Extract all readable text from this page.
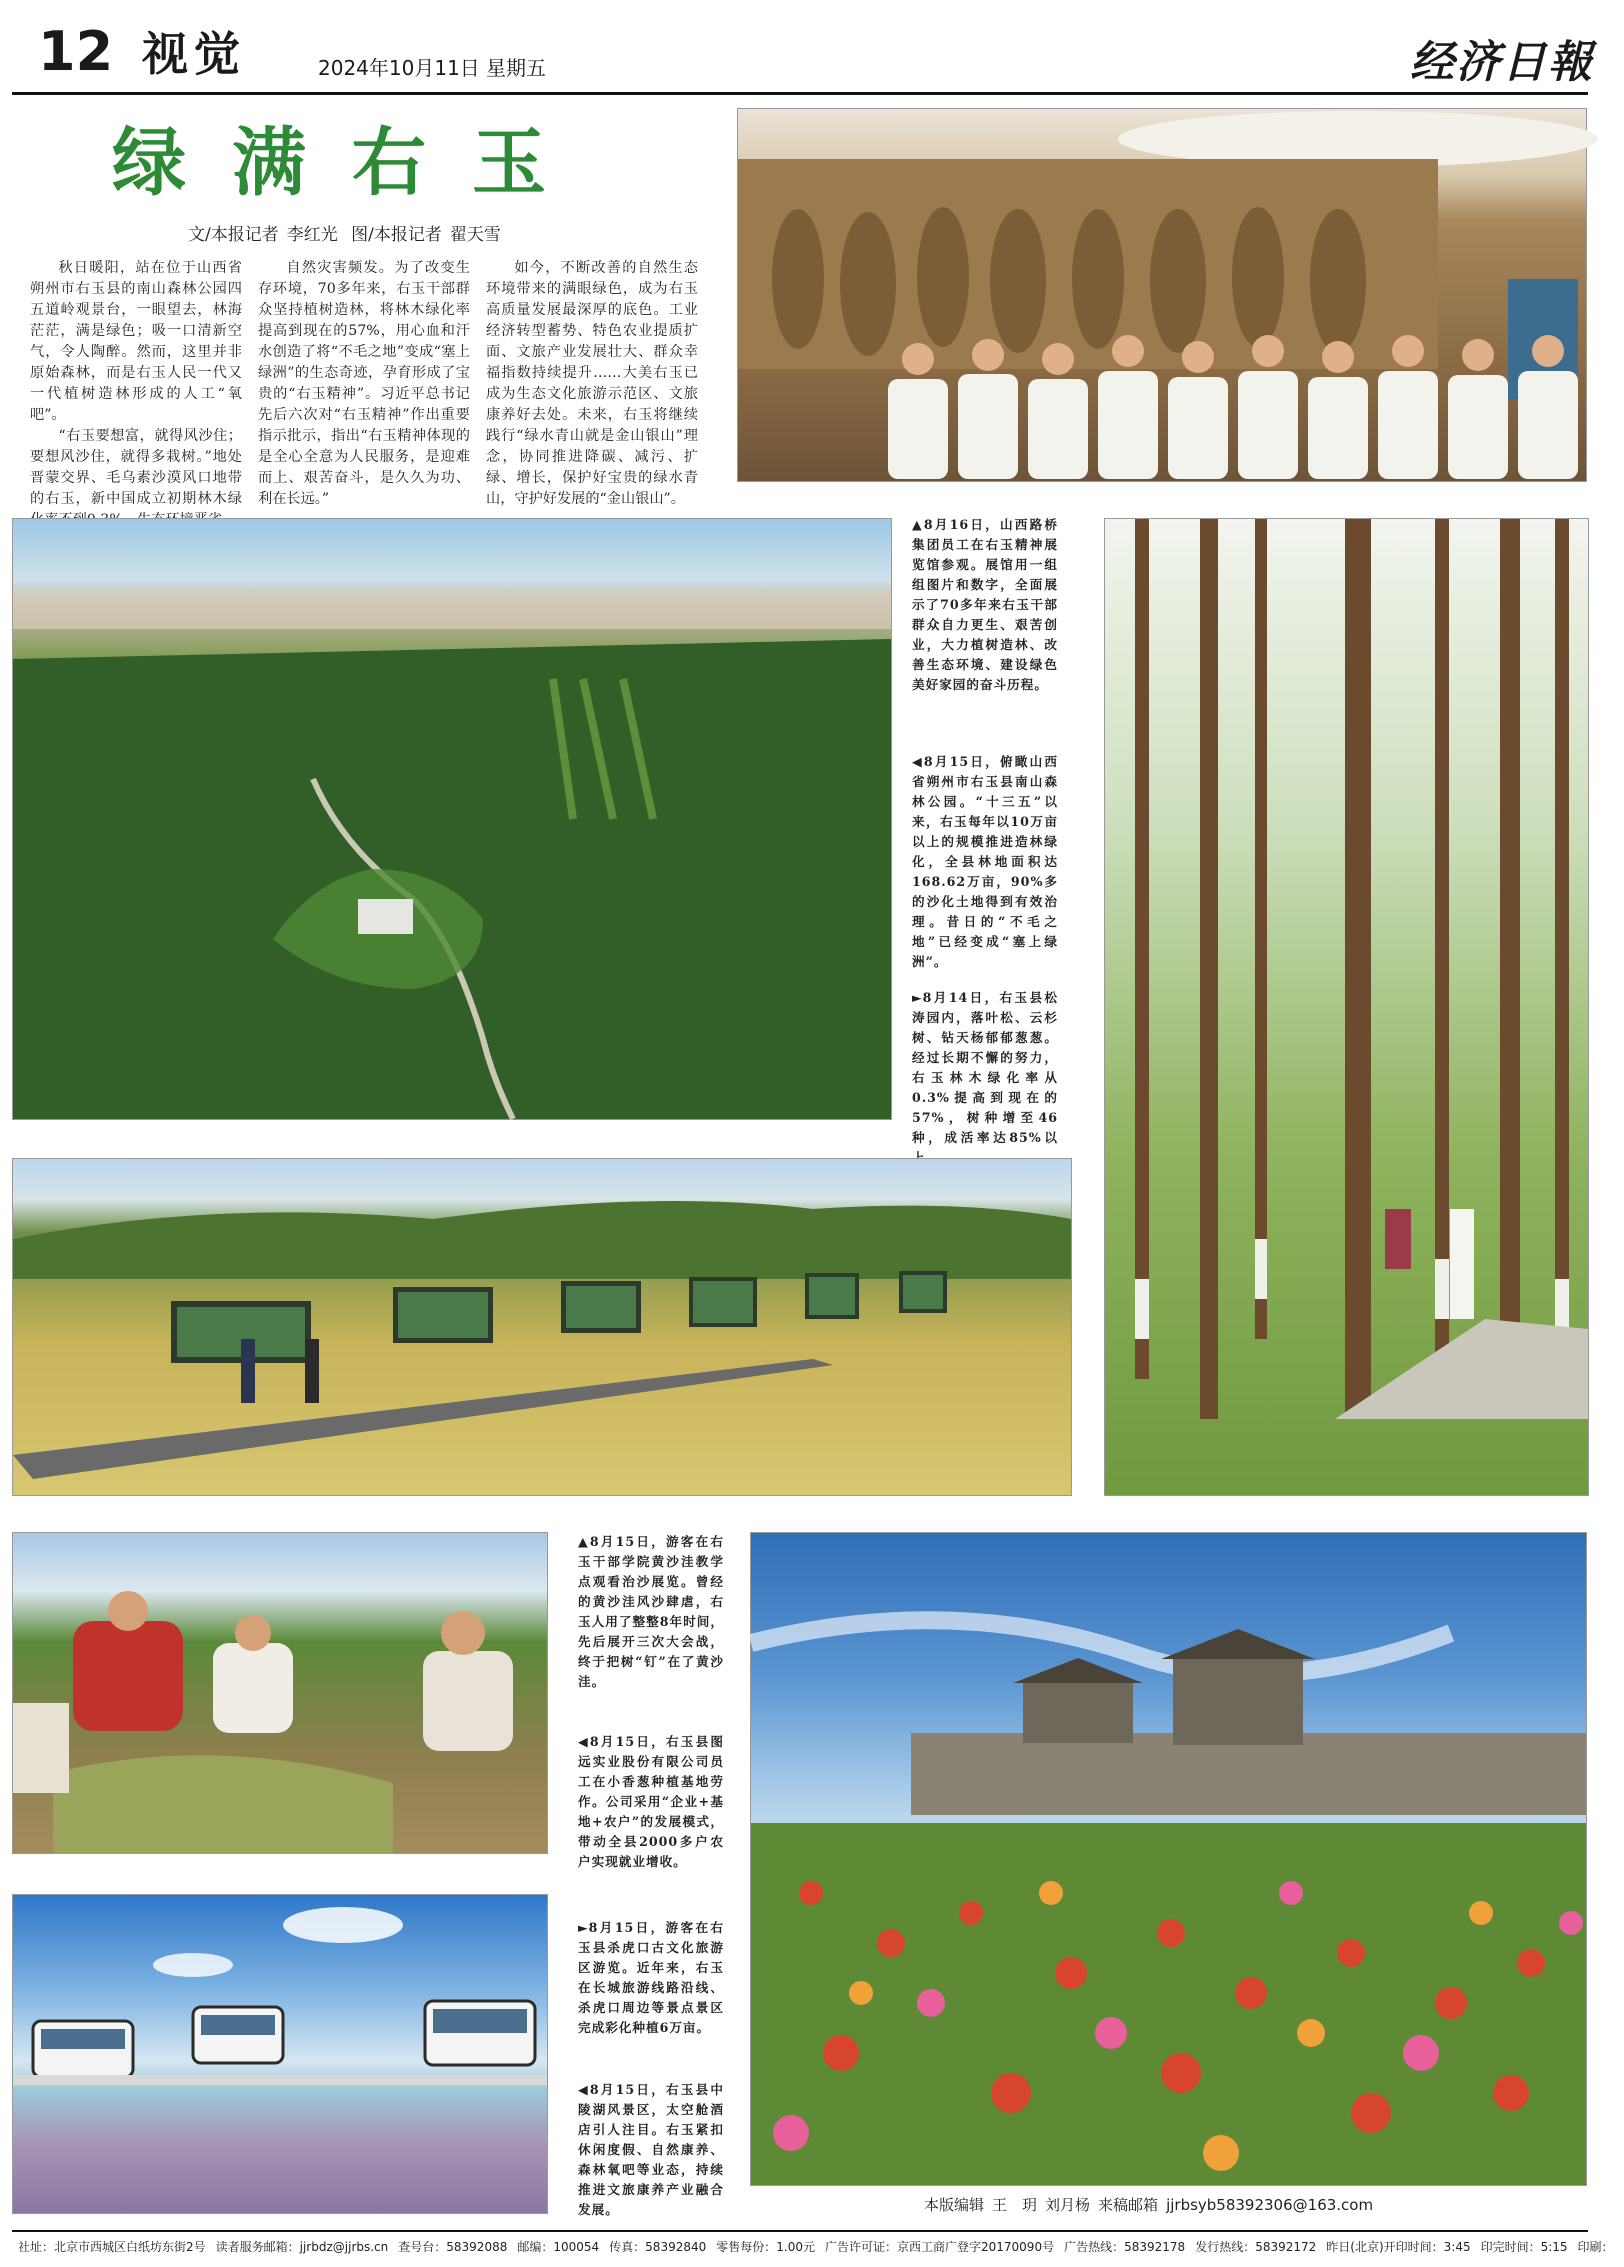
12 视觉	2024年10月11日 星期五	经济日報
绿满右玉
文/本报记者 李红光 图/本报记者 翟天雪

秋日暖阳，站在位于山西省朔州市右玉县的南山森林公园四五道岭观景台，一眼望去，林海茫茫，满是绿色；吸一口清新空气，令人陶醉。然而，这里并非原始森林，而是右玉人民一代又一代植树造林形成的人工“氧吧”。

“右玉要想富，就得风沙住；要想风沙住，就得多栽树。”地处晋蒙交界、毛乌素沙漠风口地带的右玉，新中国成立初期林木绿

自然灾害频发。为了改变生存环境，70多年来，右玉干部群众坚持植树造林，将林木绿化率提高到现在的57%，用心血和汗水创造了将“不毛之地”变成“塞上绿洲”的生态奇迹，孕育形成了宝贵的“右玉精神”。习近平总书记先后六次对“右玉精神”作出重要指示批示，指出“右玉精神体现的是全心全意为人民服务，是迎难而上、艰苦奋斗，是久久为功、利在长远。”

如今，不断改善的自然生态环境带来的满眼绿色，成为右玉高质量发展最深厚的底色。工业经济转型蓄势、特色农业提质扩面、文旅产业发展壮大、群众幸福指数持续提升……大美右玉已成为生态文化旅游示范区、文旅康养好去处。未来，右玉将继续践行“绿水青山就是金山银山”理念，协同推进降碳、减污、扩绿、增长，保护好宝贵的绿水青山，守护好发展的“金山银山”。

▲8月16日，山西路桥集团员工在右玉精神展览馆参观。展馆用一组组图片和数字，全面展示了70多年来右玉干部群众自力更生、艰苦创业，大力植树造林、改善生态环境、建设绿色美好家园的奋斗历程。

◀8月15日，俯瞰山西省朔州市右玉县南山森林公园。“十三五”以来，右玉每年以10万亩以上的规模推进造林绿化，全县林地面积达168.62万亩，90%多的沙化土地得到有效治理。昔日的“不毛之地”已经变成“塞上绿洲”。

►8月14日，右玉县松涛园内，落叶松、云杉树、钻天杨郁郁葱葱。经过长期不懈的努力，右玉林木绿化率从0.3%提高到现在的57%，树种增至46种，成活率达85%以

▲8月15日，游客在右玉干部学院黄沙洼教学点观看治沙展览。曾经的黄沙洼风沙肆虐，右玉人用了整整8年时间，先后展开三次大会战，终于把树“钉”在了黄沙洼。

◀8月15日，右玉县图远实业股份有限公司员工在小香葱种植基地劳作。公司采用“企业+基地+农户”的发展模式，带动全县2000多户农户实现就业增收。

►8月15日，游客在右玉县杀虎口古文化旅游区游览。近年来，右玉在长城旅游线路沿线、杀虎口周边等景点景区完成彩化种植6万亩。

◀8月15日，右玉县中陵湖风景区，太空舱酒店引人注目。右玉紧扣休闲度假、自然康养、森林氧吧等业态，持续推进文旅康养产业融合发展。	本版编辑 王　玥 刘月杨 来稿邮箱 jjrbsyb58392306@163.com
社址：北京市西城区白纸坊东街2号 读者服务邮箱：jjrbdz@jjrbs.cn 查号台：58392088 邮编：100054 传真：58392840 零售每份：1.00元 广告许可证：京西工商广登字20170090号 广告热线：58392178 发行热线：58392172 昨日(北京)开印时间：3:45 印完时间：5:15 印刷：
